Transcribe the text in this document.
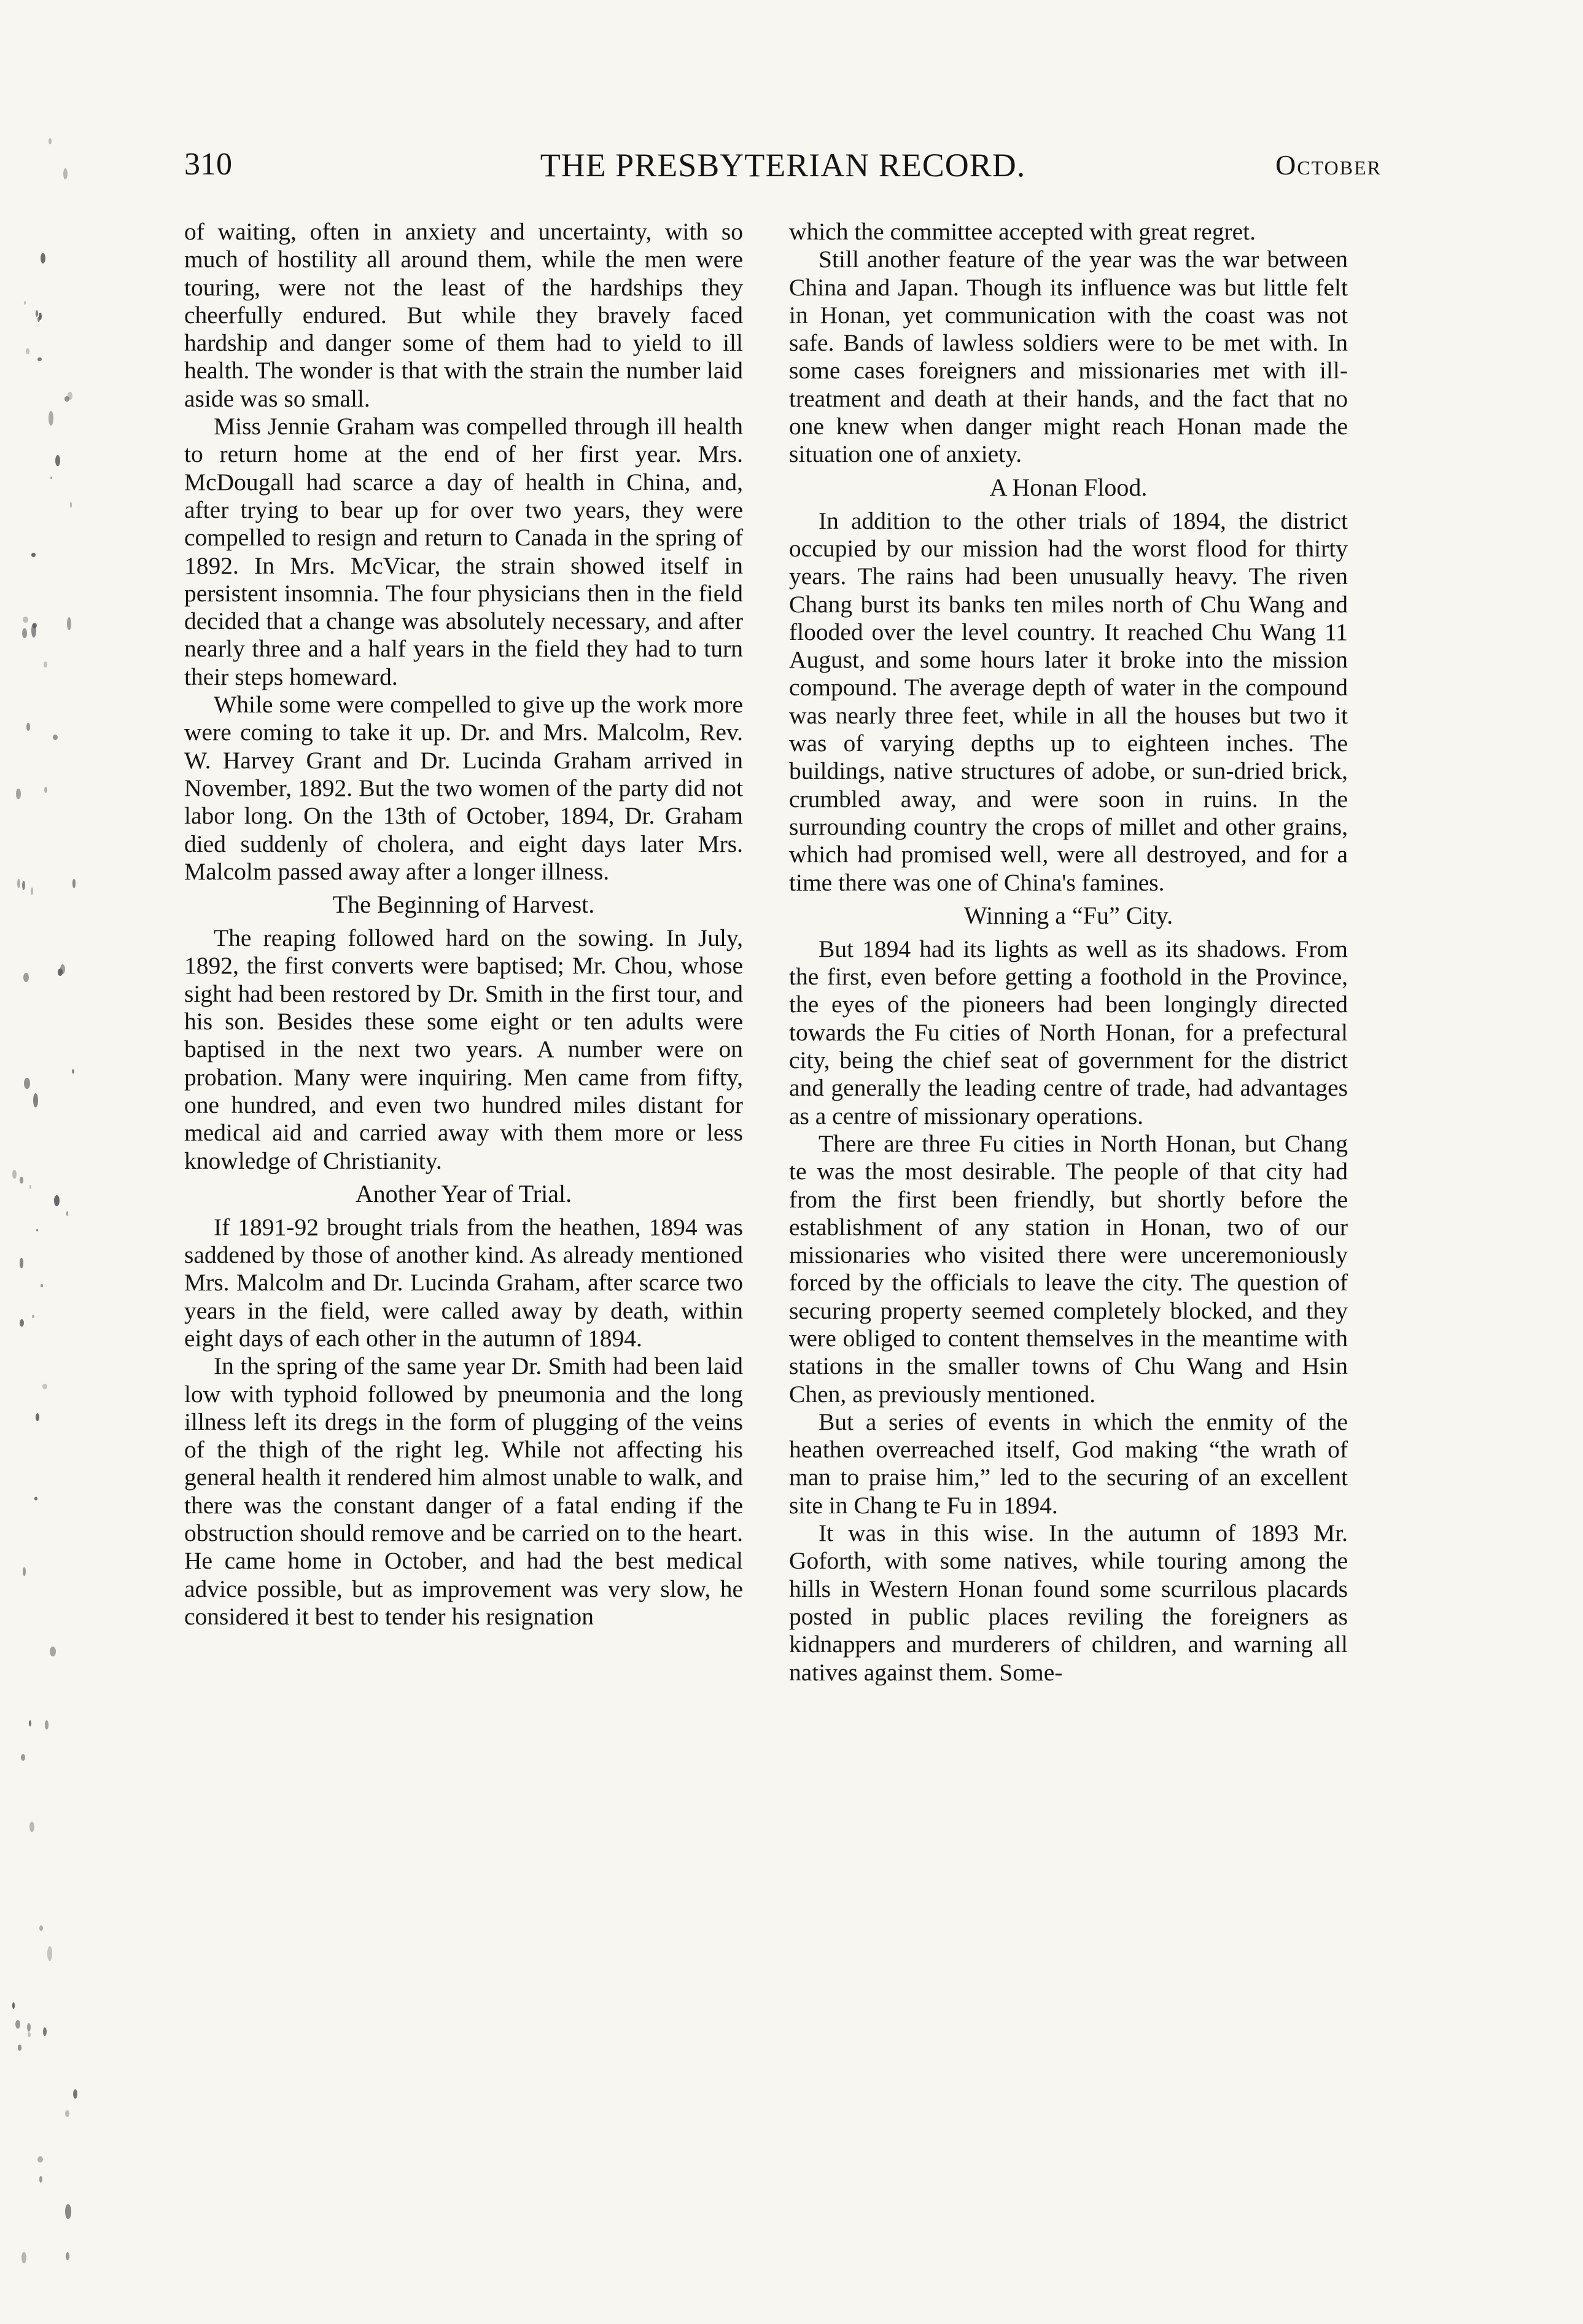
310	THE PRESBYTERIAN RECORD.	October

of waiting, often in anxiety and uncertainty, with so much of hostility all around them, while the men were touring, were not the least of the hardships they cheerfully endured. But while they bravely faced hardship and danger some of them had to yield to ill health. The wonder is that with the strain the number laid aside was so small.

Miss Jennie Graham was compelled through ill health to return home at the end of her first year. Mrs. McDougall had scarce a day of health in China, and, after trying to bear up for over two years, they were compelled to resign and return to Canada in the spring of 1892. In Mrs. McVicar, the strain showed itself in persistent insomnia. The four physicians then in the field decided that a change was absolutely necessary, and after nearly three and a half years in the field they had to turn their steps homeward.

While some were compelled to give up the work more were coming to take it up. Dr. and Mrs. Malcolm, Rev. W. Harvey Grant and Dr. Lucinda Graham arrived in November, 1892. But the two women of the party did not labor long. On the 13th of October, 1894, Dr. Graham died suddenly of cholera, and eight days later Mrs. Malcolm passed away after a longer illness.

The Beginning of Harvest.

The reaping followed hard on the sowing. In July, 1892, the first converts were baptised; Mr. Chou, whose sight had been restored by Dr. Smith in the first tour, and his son. Besides these some eight or ten adults were baptised in the next two years. A number were on probation. Many were inquiring. Men came from fifty, one hundred, and even two hundred miles distant for medical aid and carried away with them more or less knowledge of Christianity.

Another Year of Trial.

If 1891-92 brought trials from the heathen, 1894 was saddened by those of another kind. As already mentioned Mrs. Malcolm and Dr. Lucinda Graham, after scarce two years in the field, were called away by death, within eight days of each other in the autumn of 1894.

In the spring of the same year Dr. Smith had been laid low with typhoid followed by pneumonia and the long illness left its dregs in the form of plugging of the veins of the thigh of the right leg. While not affecting his general health it rendered him almost unable to walk, and there was the constant danger of a fatal ending if the obstruction should remove and be carried on to the heart. He came home in October, and had the best medical advice possible, but as improvement was very slow, he considered it best to tender his resignation

which the committee accepted with great regret.

Still another feature of the year was the war between China and Japan. Though its influence was but little felt in Honan, yet communication with the coast was not safe. Bands of lawless soldiers were to be met with. In some cases foreigners and missionaries met with ill-treatment and death at their hands, and the fact that no one knew when danger might reach Honan made the situation one of anxiety.

A Honan Flood.

In addition to the other trials of 1894, the district occupied by our mission had the worst flood for thirty years. The rains had been unusually heavy. The riven Chang burst its banks ten miles north of Chu Wang and flooded over the level country. It reached Chu Wang 11 August, and some hours later it broke into the mission compound. The average depth of water in the compound was nearly three feet, while in all the houses but two it was of varying depths up to eighteen inches. The buildings, native structures of adobe, or sun-dried brick, crumbled away, and were soon in ruins. In the surrounding country the crops of millet and other grains, which had promised well, were all destroyed, and for a time there was one of China's famines.

Winning a “Fu” City.

But 1894 had its lights as well as its shadows. From the first, even before getting a foothold in the Province, the eyes of the pioneers had been longingly directed towards the Fu cities of North Honan, for a prefectural city, being the chief seat of government for the district and generally the leading centre of trade, had advantages as a centre of missionary operations.

There are three Fu cities in North Honan, but Chang te was the most desirable. The people of that city had from the first been friendly, but shortly before the establishment of any station in Honan, two of our missionaries who visited there were unceremoniously forced by the officials to leave the city. The question of securing property seemed completely blocked, and they were obliged to content themselves in the meantime with stations in the smaller towns of Chu Wang and Hsin Chen, as previously mentioned.

But a series of events in which the enmity of the heathen overreached itself, God making “the wrath of man to praise him,” led to the securing of an excellent site in Chang te Fu in 1894.

It was in this wise. In the autumn of 1893 Mr. Goforth, with some natives, while touring among the hills in Western Honan found some scurrilous placards posted in public places reviling the foreigners as kidnappers and murderers of children, and warning all natives against them. Some-
